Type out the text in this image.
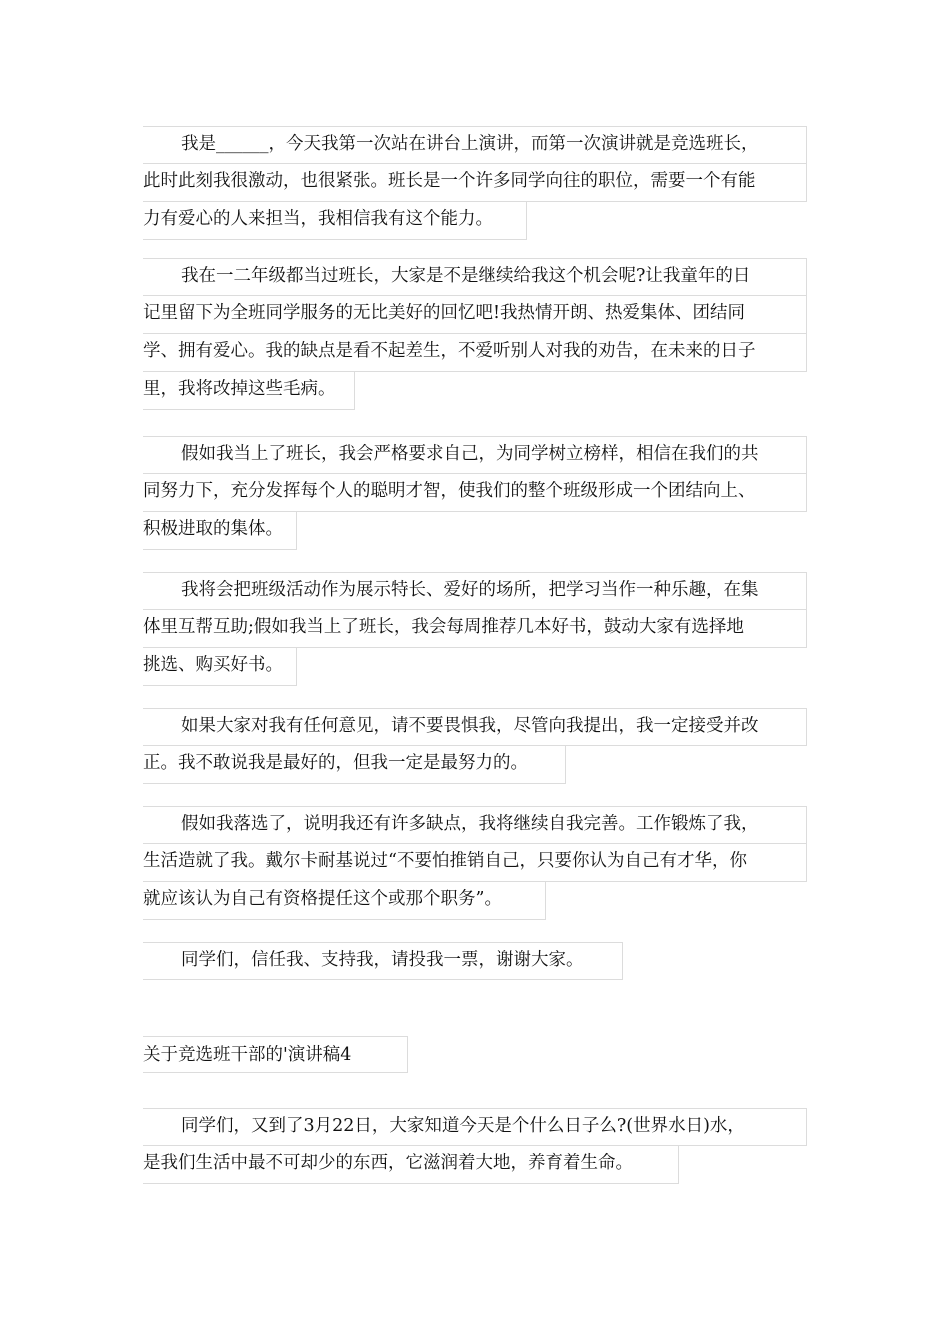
我是______，今天我第一次站在讲台上演讲，而第一次演讲就是竞选班长，
此时此刻我很激动，也很紧张。班长是一个许多同学向往的职位，需要一个有能
力有爱心的人来担当，我相信我有这个能力。
我在一二年级都当过班长，大家是不是继续给我这个机会呢?让我童年的日
记里留下为全班同学服务的无比美好的回忆吧!我热情开朗、热爱集体、团结同
学、拥有爱心。我的缺点是看不起差生，不爱听别人对我的劝告，在未来的日子
里，我将改掉这些毛病。
假如我当上了班长，我会严格要求自己，为同学树立榜样，相信在我们的共
同努力下，充分发挥每个人的聪明才智，使我们的整个班级形成一个团结向上、
积极进取的集体。
我将会把班级活动作为展示特长、爱好的场所，把学习当作一种乐趣，在集
体里互帮互助;假如我当上了班长，我会每周推荐几本好书，鼓动大家有选择地
挑选、购买好书。
如果大家对我有任何意见，请不要畏惧我，尽管向我提出，我一定接受并改
正。我不敢说我是最好的，但我一定是最努力的。
假如我落选了，说明我还有许多缺点，我将继续自我完善。工作锻炼了我，
生活造就了我。戴尔卡耐基说过“不要怕推销自己，只要你认为自己有才华，你
就应该认为自己有资格提任这个或那个职务”。
同学们，信任我、支持我，请投我一票，谢谢大家。
关于竞选班干部的'演讲稿4
同学们，又到了3月22日，大家知道今天是个什么日子么?(世界水日)水，
是我们生活中最不可却少的东西，它滋润着大地，养育着生命。
